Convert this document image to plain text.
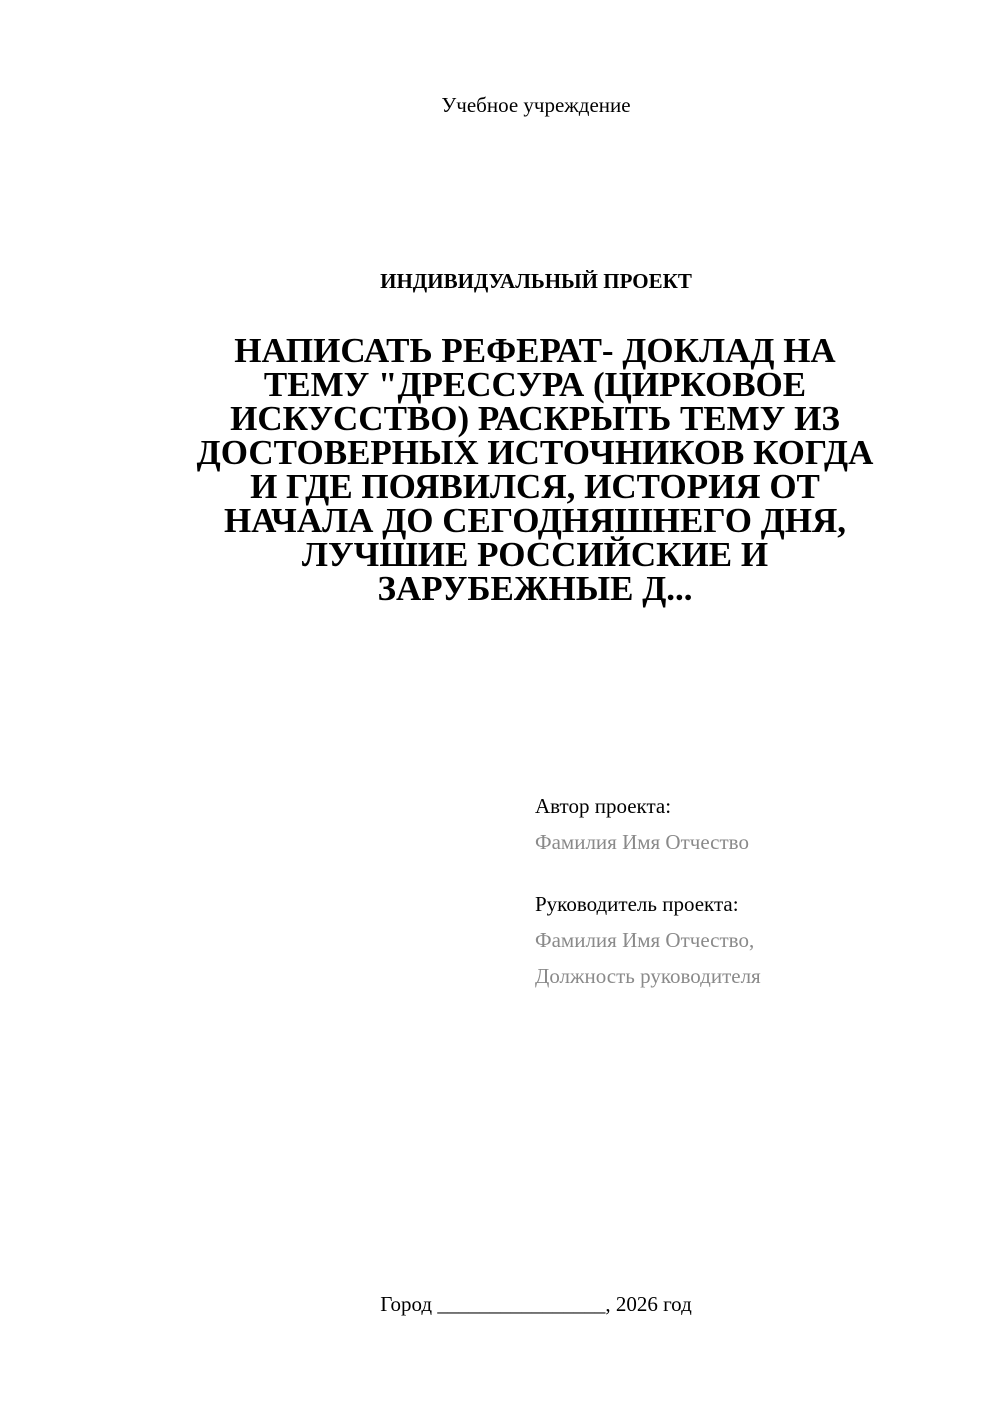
Учебное учреждение
ИНДИВИДУАЛЬНЫЙ ПРОЕКТ
НАПИСАТЬ РЕФЕРАТ- ДОКЛАД НА
ТЕМУ "ДРЕССУРА (ЦИРКОВОЕ
ИСКУССТВО) РАСКРЫТЬ ТЕМУ ИЗ
ДОСТОВЕРНЫХ ИСТОЧНИКОВ КОГДА
И ГДЕ ПОЯВИЛСЯ, ИСТОРИЯ ОТ
НАЧАЛА ДО СЕГОДНЯШНЕГО ДНЯ,
ЛУЧШИЕ РОССИЙСКИЕ И
ЗАРУБЕЖНЫЕ Д...
Автор проекта:
Фамилия Имя Отчество
Руководитель проекта:
Фамилия Имя Отчество,
Должность руководителя
Город ________________, 2026 год
